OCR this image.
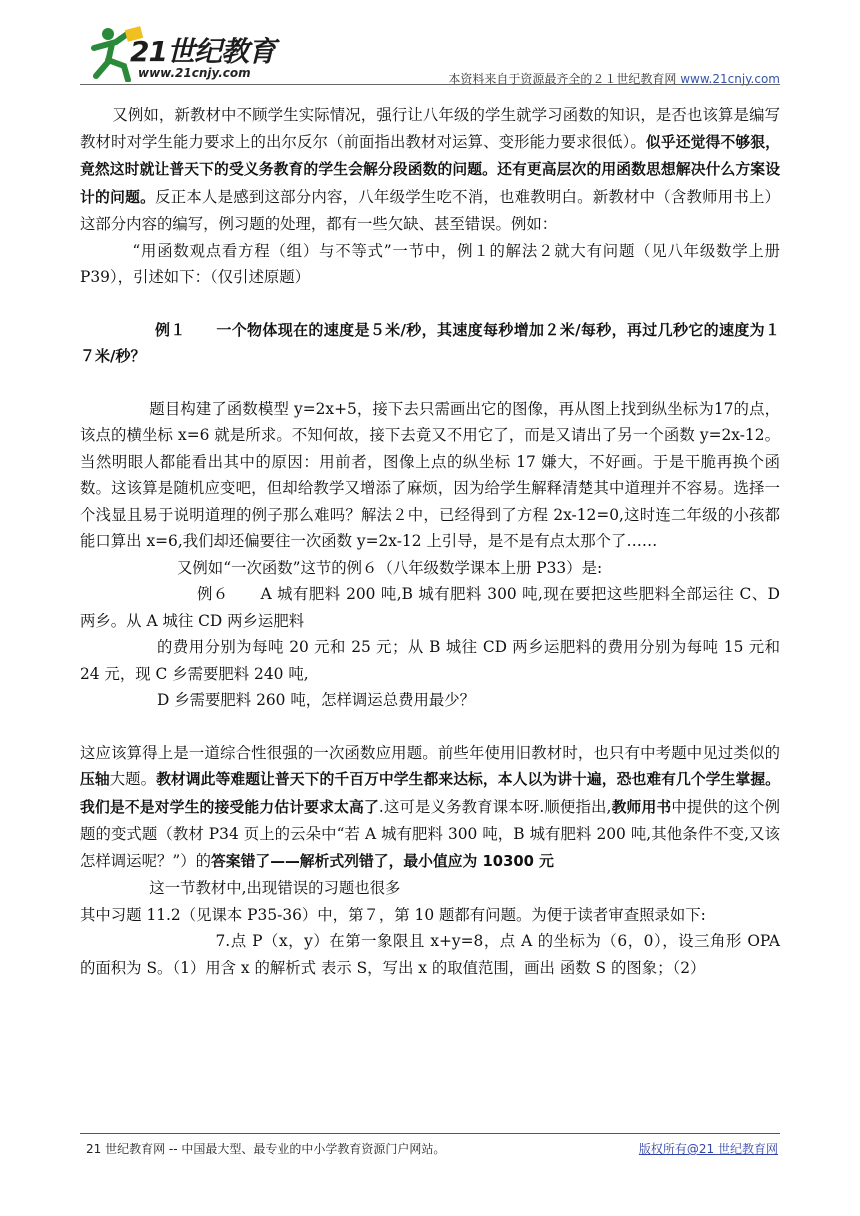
21世纪教育
www.21cnjy.com	本资料来自于资源最齐全的２１世纪教育网 www.21cnjy.com

又例如，新教材中不顾学生实际情况，强行让八年级的学生就学习函数的知识，是否也该算是编写教材时对学生能力要求上的出尔反尔（前面指出教材对运算、变形能力要求很低）。似乎还觉得不够狠，竟然这时就让普天下的受义务教育的学生会解分段函数的问题。还有更高层次的用函数思想解决什么方案设计的问题。反正本人是感到这部分内容，八年级学生吃不消，也难教明白。新教材中（含教师用书上）这部分内容的编写，例习题的处理，都有一些欠缺、甚至错误。例如：

“用函数观点看方程（组）与不等式”一节中，例１的解法２就大有问题（见八年级数学上册P39），引述如下：（仅引述原题）

例１　　一个物体现在的速度是５米/秒，其速度每秒增加２米/每秒，再过几秒它的速度为１７米/秒？

题目构建了函数模型 y=2x+5，接下去只需画出它的图像，再从图上找到纵坐标为17的点，该点的横坐标 x=6 就是所求。不知何故，接下去竟又不用它了，而是又请出了另一个函数 y=2x-12。当然明眼人都能看出其中的原因：用前者，图像上点的纵坐标 17 嫌大，不好画。于是干脆再换个函数。这该算是随机应变吧，但却给教学又增添了麻烦，因为给学生解释清楚其中道理并不容易。选择一个浅显且易于说明道理的例子那么难吗？解法２中，已经得到了方程 2x-12=0,这时连二年级的小孩都能口算出 x=6,我们却还偏要往一次函数 y=2x-12 上引导，是不是有点太那个了……

又例如“一次函数”这节的例６（八年级数学课本上册 P33）是:

例６　　A 城有肥料 200 吨,B 城有肥料 300 吨,现在要把这些肥料全部运往 C、D 两乡。从 A 城往 CD 两乡运肥料

的费用分别为每吨 20 元和 25 元；从 B 城往 CD 两乡运肥料的费用分别为每吨 15 元和 24 元，现 C 乡需要肥料 240 吨,

D 乡需要肥料 260 吨，怎样调运总费用最少？

这应该算得上是一道综合性很强的一次函数应用题。前些年使用旧教材时，也只有中考题中见过类似的压轴大题。教材调此等难题让普天下的千百万中学生都来达标，本人以为讲十遍，恐也难有几个学生掌握。我们是不是对学生的接受能力估计要求太高了.这可是义务教育课本呀.顺便指出,教师用书中提供的这个例题的变式题（教材 P34 页上的云朵中“若 A 城有肥料 300 吨，B 城有肥料 200 吨,其他条件不变,又该怎样调运呢？”）的答案错了——解析式列错了，最小值应为 10300 元

这一节教材中,出现错误的习题也很多

其中习题 11.2（见课本 P35-36）中，第７，第 10 题都有问题。为便于读者审查照录如下:

7.点 P（x，y）在第一象限且 x+y=8，点 A 的坐标为（6，0），设三角形 OPA 的面积为 S。（1）用含 x 的解析式 表示 S，写出 x 的取值范围，画出 函数 S 的图象；（2）

21 世纪教育网 -- 中国最大型、最专业的中小学教育资源门户网站。	版权所有@21 世纪教育网
